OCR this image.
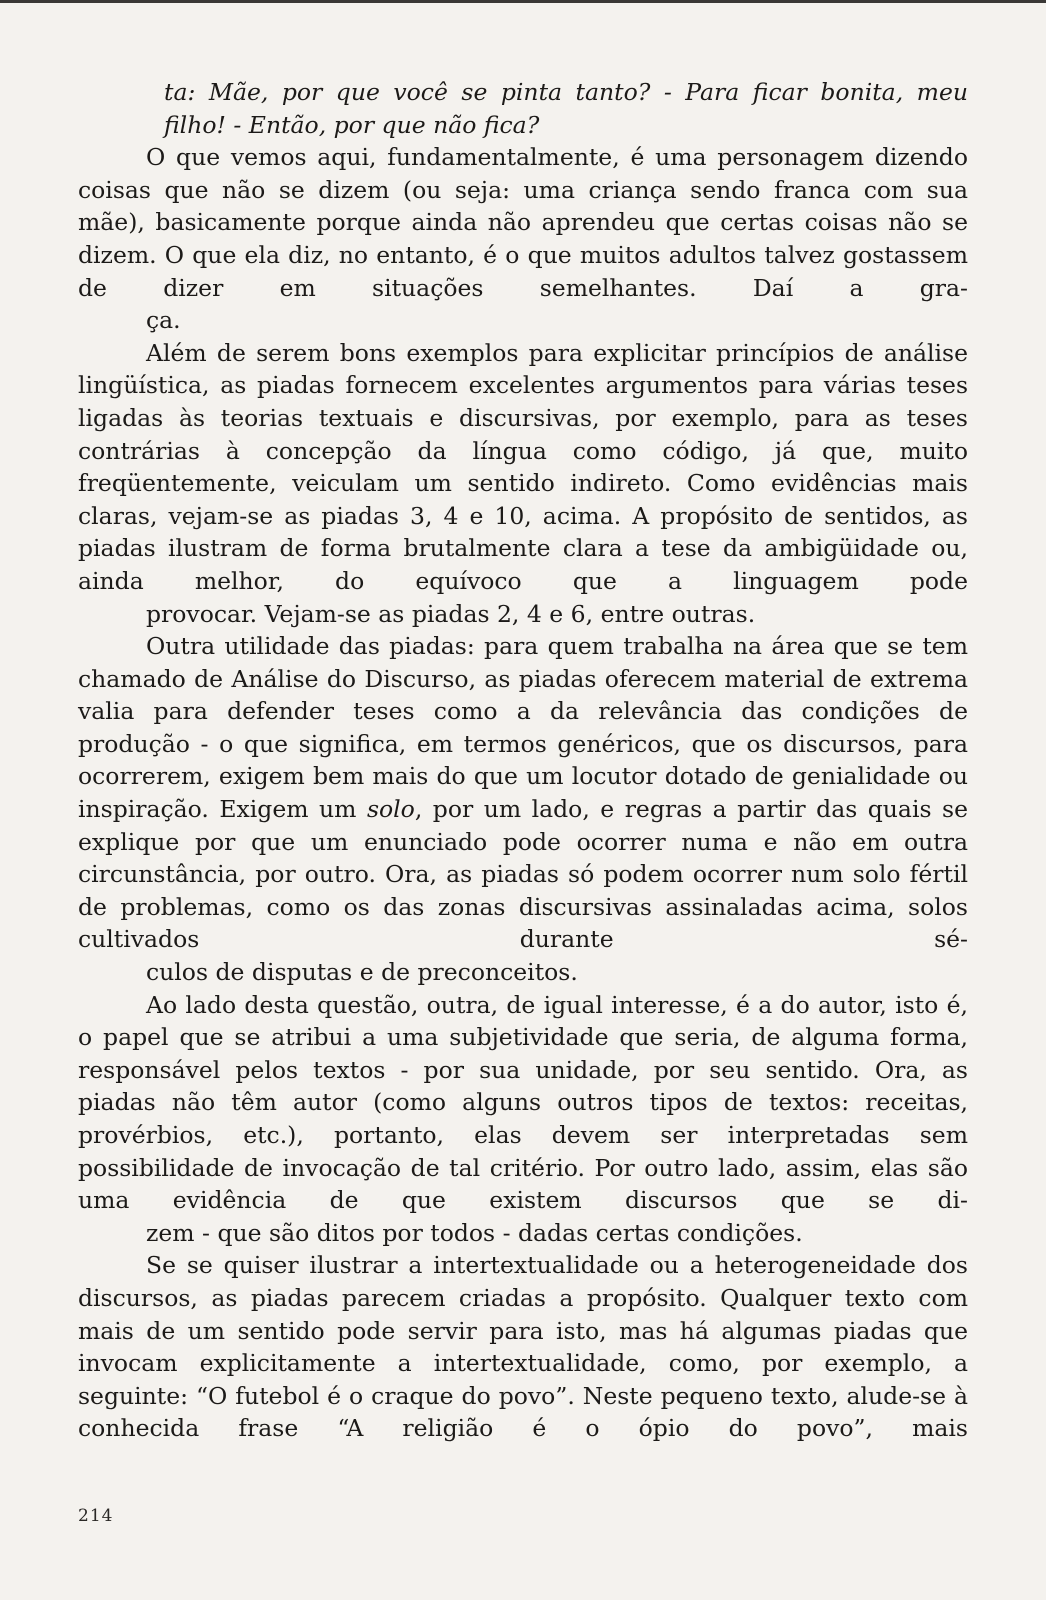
ta: Mãe, por que você se pinta tanto? - Para ficar bonita, meu
filho! - Então, por que não fica?

O que vemos aqui, fundamentalmente, é uma personagem dizendo coisas que não se dizem (ou seja: uma criança sendo franca com sua mãe), basicamente porque ainda não aprendeu que certas coisas não se dizem. O que ela diz, no entanto, é o que muitos adultos talvez gostassem de dizer em situações semelhantes. Daí a gra-
ça.

Além de serem bons exemplos para explicitar princípios de análise lingüística, as piadas fornecem excelentes argumentos para várias teses ligadas às teorias textuais e discursivas, por exemplo, para as teses contrárias à concepção da língua como código, já que, muito freqüentemente, veiculam um sentido indireto. Como evidências mais claras, vejam-se as piadas 3, 4 e 10, acima. A propósito de sentidos, as piadas ilustram de forma brutalmente clara a tese da ambigüidade ou, ainda melhor, do equívoco que a linguagem pode
provocar. Vejam-se as piadas 2, 4 e 6, entre outras.

Outra utilidade das piadas: para quem trabalha na área que se tem chamado de Análise do Discurso, as piadas oferecem material de extrema valia para defender teses como a da relevância das condições de produção - o que significa, em termos genéricos, que os discursos, para ocorrerem, exigem bem mais do que um locutor dotado de genialidade ou inspiração. Exigem um solo, por um lado, e regras a partir das quais se explique por que um enunciado pode ocorrer numa e não em outra circunstância, por outro. Ora, as piadas só podem ocorrer num solo fértil de problemas, como os das zonas discursivas assinaladas acima, solos cultivados durante sé-
culos de disputas e de preconceitos.

Ao lado desta questão, outra, de igual interesse, é a do autor, isto é, o papel que se atribui a uma subjetividade que seria, de alguma forma, responsável pelos textos - por sua unidade, por seu sentido. Ora, as piadas não têm autor (como alguns outros tipos de textos: receitas, provérbios, etc.), portanto, elas devem ser interpretadas sem possibilidade de invocação de tal critério. Por outro lado, assim, elas são uma evidência de que existem discursos que se di-
zem - que são ditos por todos - dadas certas condições.

Se se quiser ilustrar a intertextualidade ou a heterogeneidade dos discursos, as piadas parecem criadas a propósito. Qualquer texto com mais de um sentido pode servir para isto, mas há algumas piadas que invocam explicitamente a intertextualidade, como, por exemplo, a seguinte: “O futebol é o craque do povo”. Neste pequeno texto, alude-se à conhecida frase “A religião é o ópio do povo”, mais

214
